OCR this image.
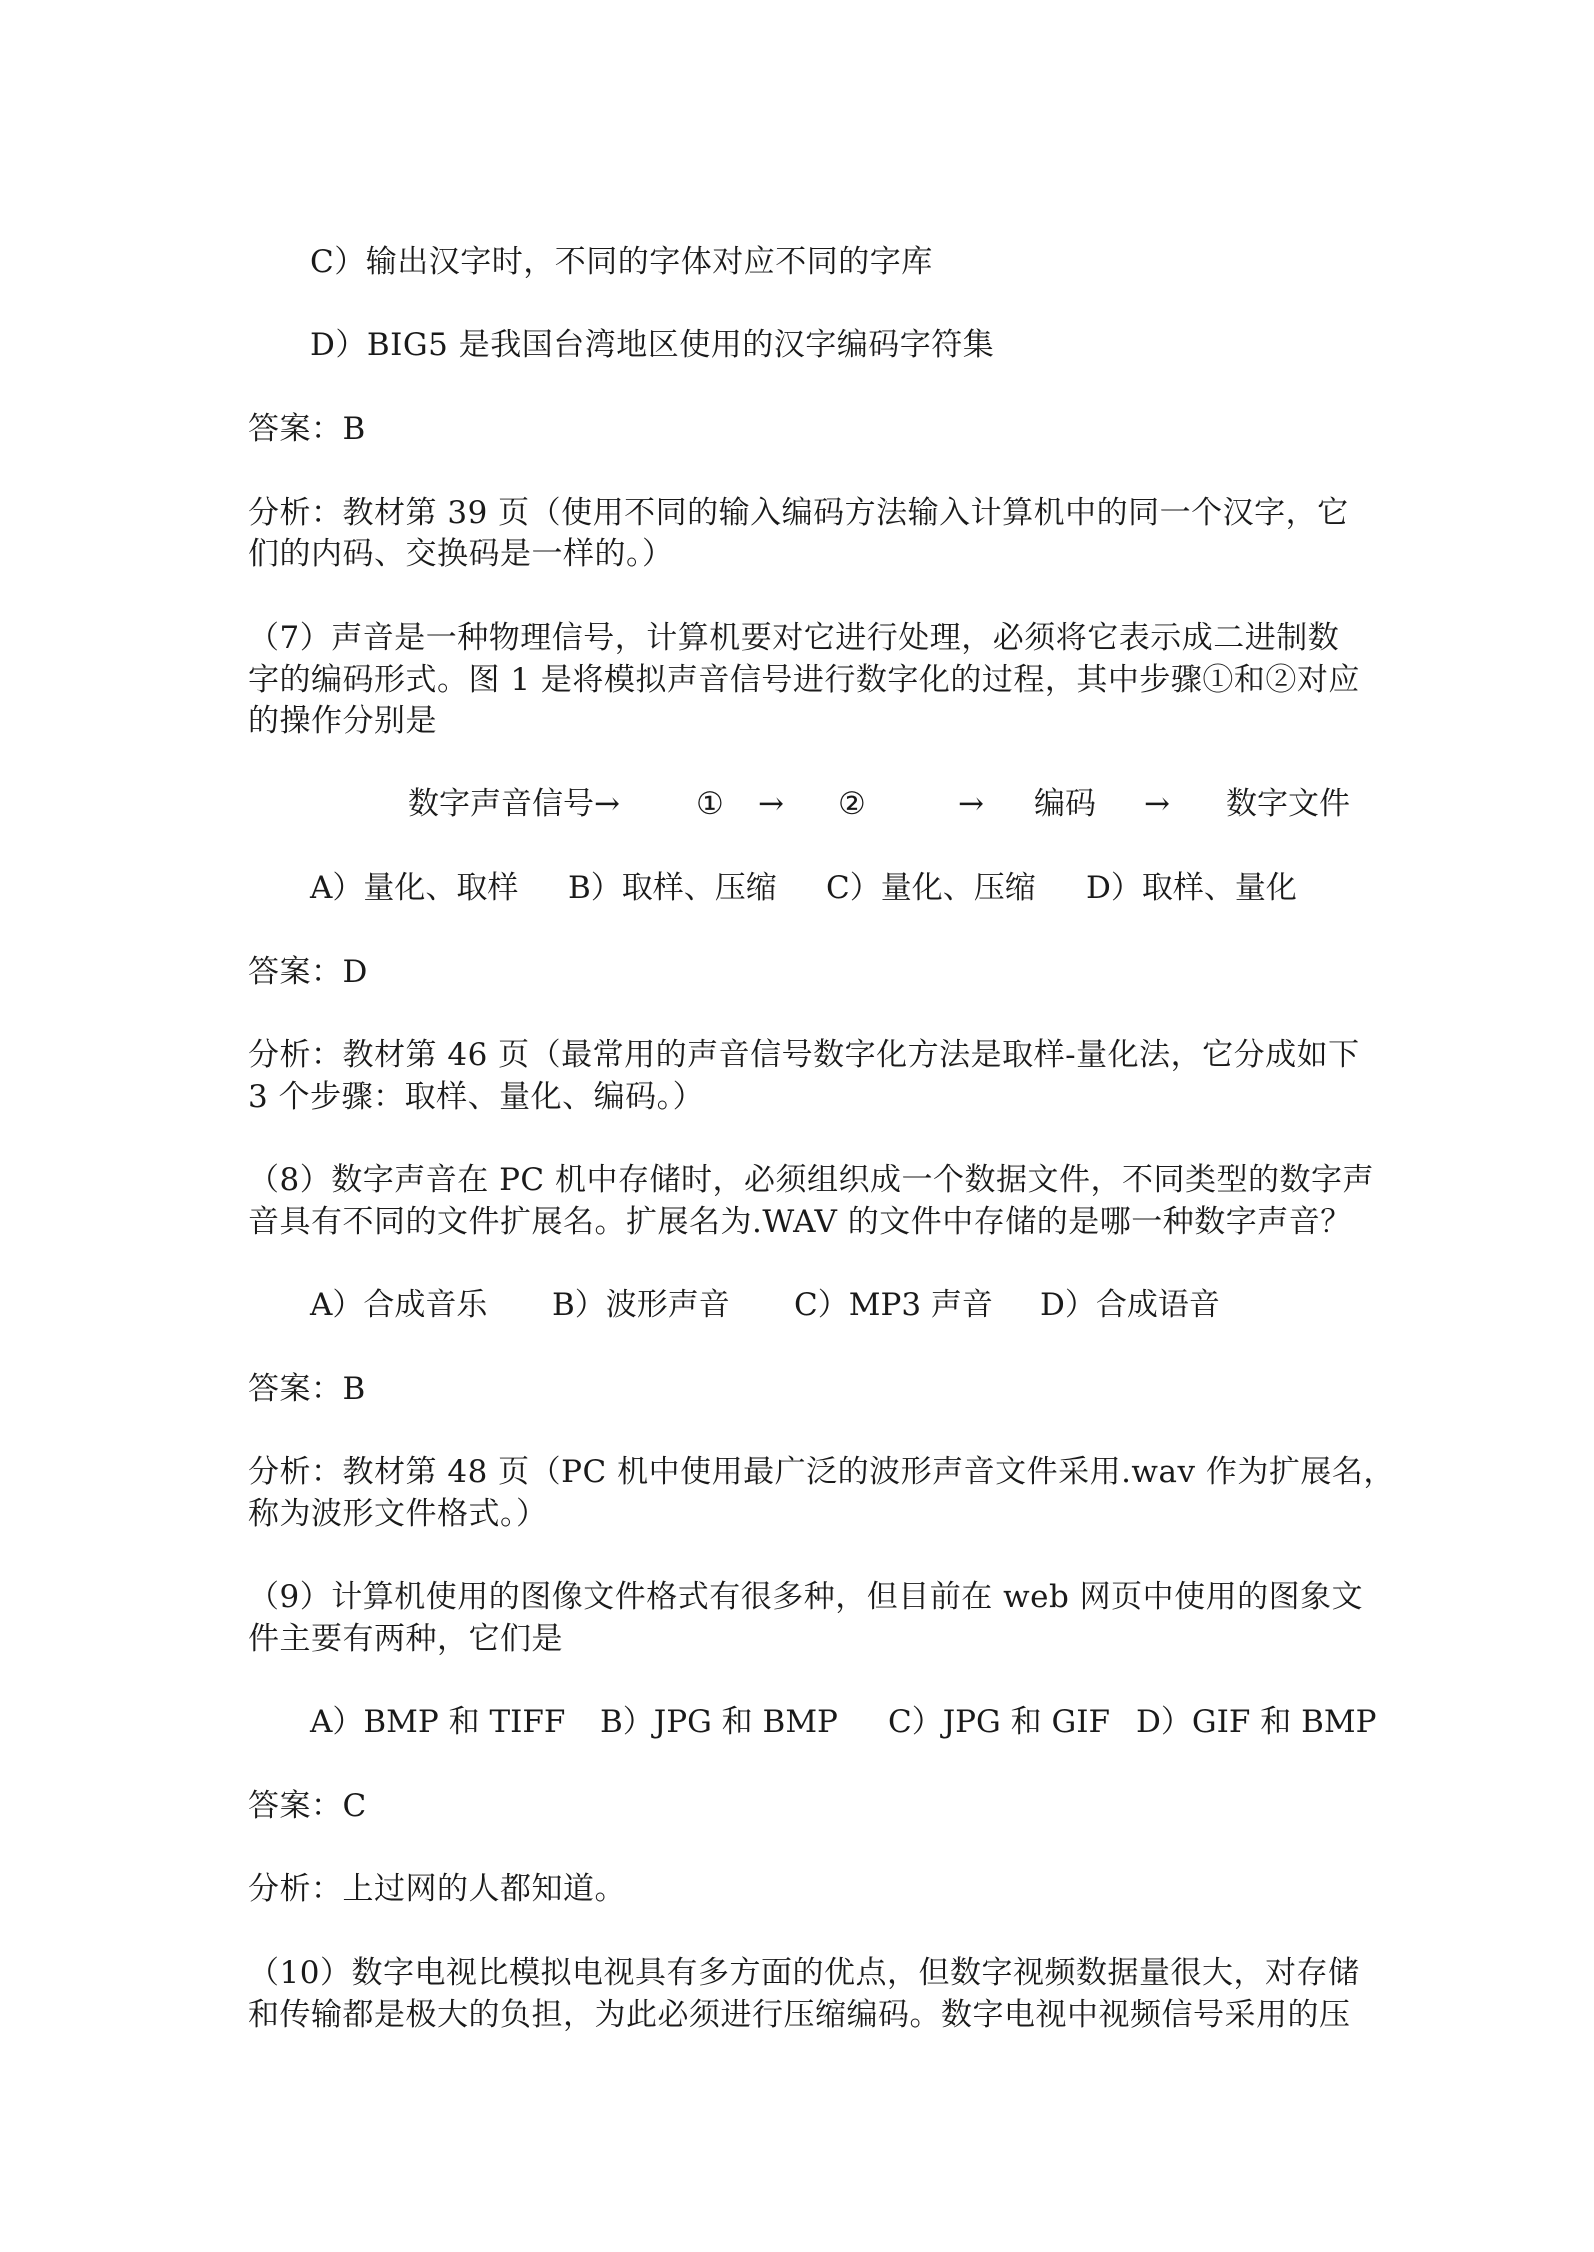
C）输出汉字时，不同的字体对应不同的字库
D）BIG5 是我国台湾地区使用的汉字编码字符集
答案：B
分析：教材第 39 页（使用不同的输入编码方法输入计算机中的同一个汉字，它
们的内码、交换码是一样的。）
（7）声音是一种物理信号，计算机要对它进行处理，必须将它表示成二进制数
字的编码形式。图 1 是将模拟声音信号进行数字化的过程，其中步骤①和②对应
的操作分别是
数字声音信号→ ① → ②	→ 编码 → 数字文件
A）量化、取样 B）取样、压缩 C）量化、压缩 D）取样、量化
答案：D
分析：教材第 46 页（最常用的声音信号数字化方法是取样-量化法，它分成如下
3 个步骤：取样、量化、编码。）
（8）数字声音在 PC 机中存储时，必须组织成一个数据文件，不同类型的数字声
音具有不同的文件扩展名。扩展名为.WAV 的文件中存储的是哪一种数字声音？
A）合成音乐 B）波形声音 C）MP3 声音 D）合成语音
答案：B
分析：教材第 48 页（PC 机中使用最广泛的波形声音文件采用.wav 作为扩展名，
称为波形文件格式。）
（9）计算机使用的图像文件格式有很多种，但目前在 web 网页中使用的图象文
件主要有两种，它们是
A）BMP 和 TIFF B）JPG 和 BMP C）JPG 和 GIF D）GIF 和 BMP
答案：C
分析：上过网的人都知道。
（10）数字电视比模拟电视具有多方面的优点，但数字视频数据量很大，对存储
和传输都是极大的负担，为此必须进行压缩编码。数字电视中视频信号采用的压
